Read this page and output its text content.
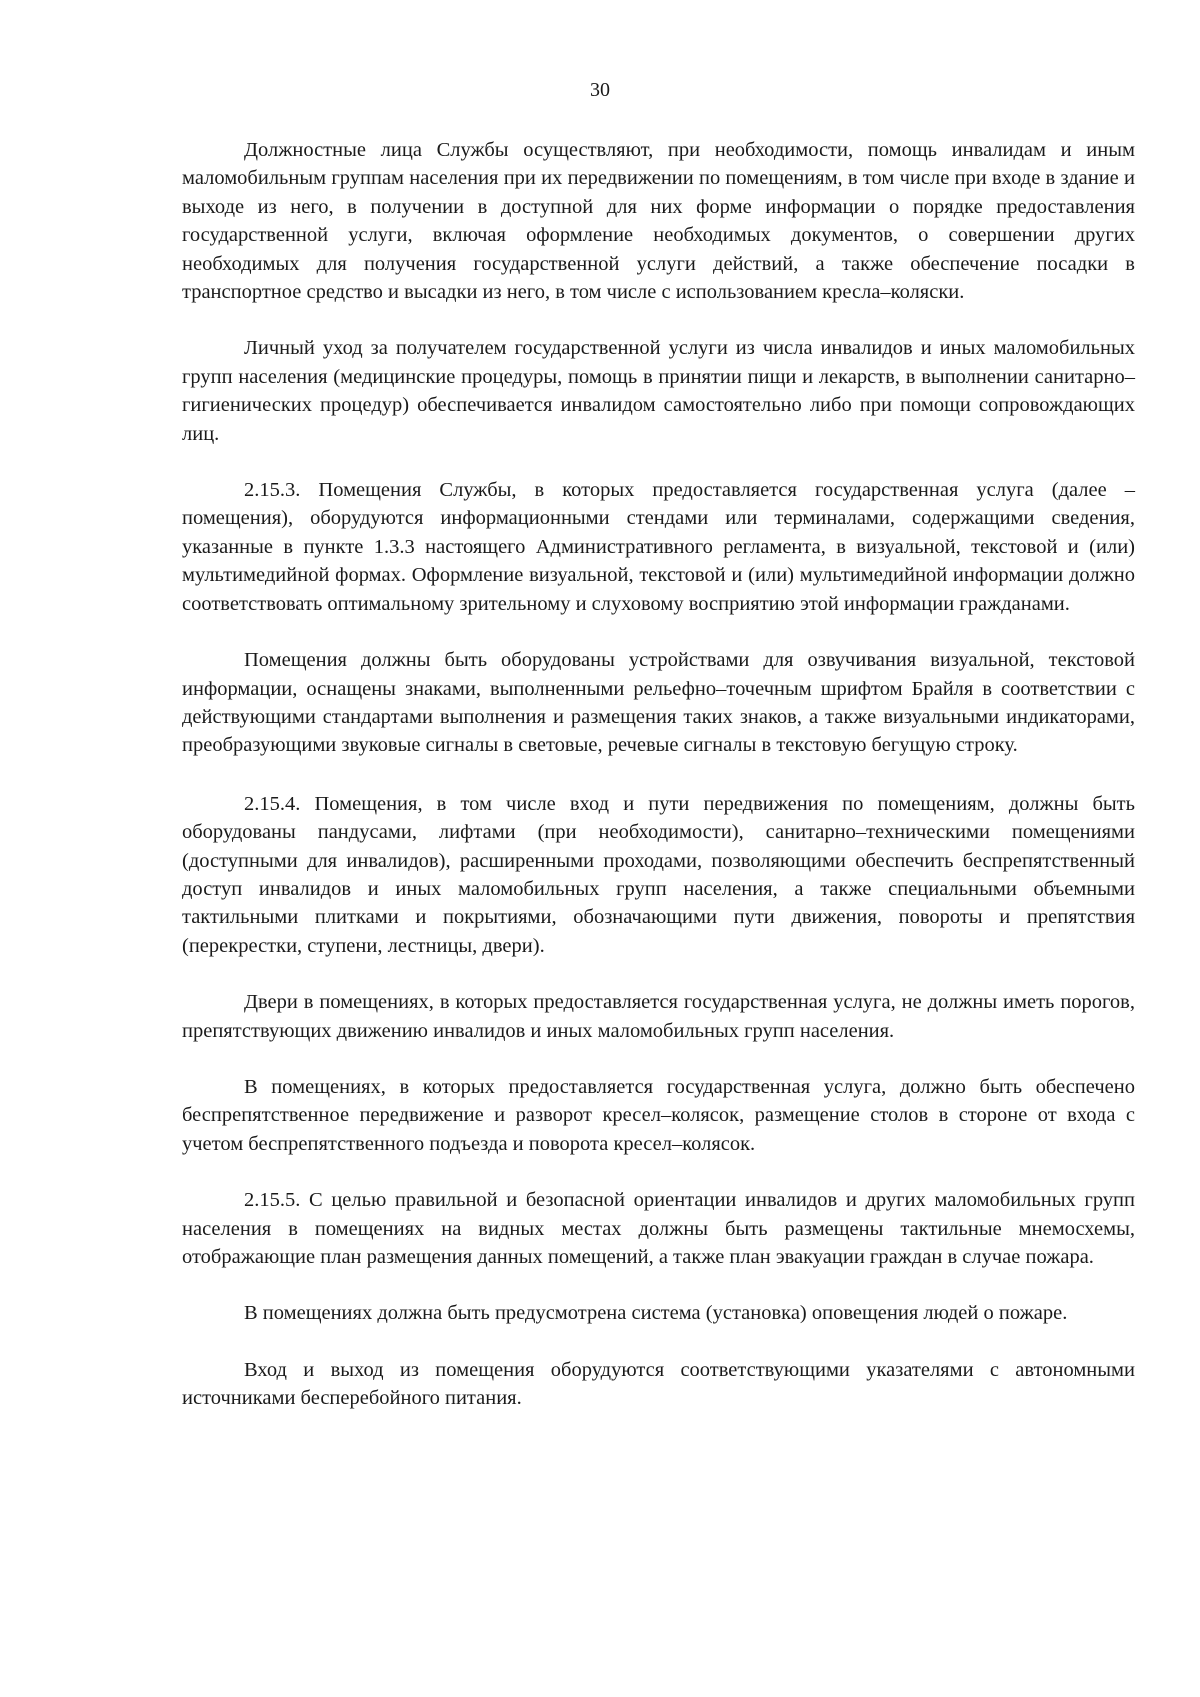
30

Должностные лица Службы осуществляют, при необходимости, помощь инвалидам и иным маломобильным группам населения при их передвижении по помещениям, в том числе при входе в здание и выходе из него, в получении в доступной для них форме информации о порядке предоставления государственной услуги, включая оформление необходимых документов, о совершении других необходимых для получения государственной услуги действий, а также обеспечение посадки в транспортное средство и высадки из него, в том числе с использованием кресла–коляски.

Личный уход за получателем государственной услуги из числа инвалидов и иных маломобильных групп населения (медицинские процедуры, помощь в принятии пищи и лекарств, в выполнении санитарно–гигиенических процедур) обеспечивается инвалидом самостоятельно либо при помощи сопровождающих лиц.

2.15.3. Помещения Службы, в которых предоставляется государственная услуга (далее – помещения), оборудуются информационными стендами или терминалами, содержащими сведения, указанные в пункте 1.3.3 настоящего Административного регламента, в визуальной, текстовой и (или) мультимедийной формах. Оформление визуальной, текстовой и (или) мультимедийной информации должно соответствовать оптимальному зрительному и слуховому восприятию этой информации гражданами.

Помещения должны быть оборудованы устройствами для озвучивания визуальной, текстовой информации, оснащены знаками, выполненными рельефно–точечным шрифтом Брайля в соответствии с действующими стандартами выполнения и размещения таких знаков, а также визуальными индикаторами, преобразующими звуковые сигналы в световые, речевые сигналы в текстовую бегущую строку.

2.15.4. Помещения, в том числе вход и пути передвижения по помещениям, должны быть оборудованы пандусами, лифтами (при необходимости), санитарно–техническими помещениями (доступными для инвалидов), расширенными проходами, позволяющими обеспечить беспрепятственный доступ инвалидов и иных маломобильных групп населения, а также специальными объемными тактильными плитками и покрытиями, обозначающими пути движения, повороты и препятствия (перекрестки, ступени, лестницы, двери).

Двери в помещениях, в которых предоставляется государственная услуга, не должны иметь порогов, препятствующих движению инвалидов и иных маломобильных групп населения.

В помещениях, в которых предоставляется государственная услуга, должно быть обеспечено беспрепятственное передвижение и разворот кресел–колясок, размещение столов в стороне от входа с учетом беспрепятственного подъезда и поворота кресел–колясок.

2.15.5. С целью правильной и безопасной ориентации инвалидов и других маломобильных групп населения в помещениях на видных местах должны быть размещены тактильные мнемосхемы, отображающие план размещения данных помещений, а также план эвакуации граждан в случае пожара.

В помещениях должна быть предусмотрена система (установка) оповещения людей о пожаре.

Вход и выход из помещения оборудуются соответствующими указателями с автономными источниками бесперебойного питания.
